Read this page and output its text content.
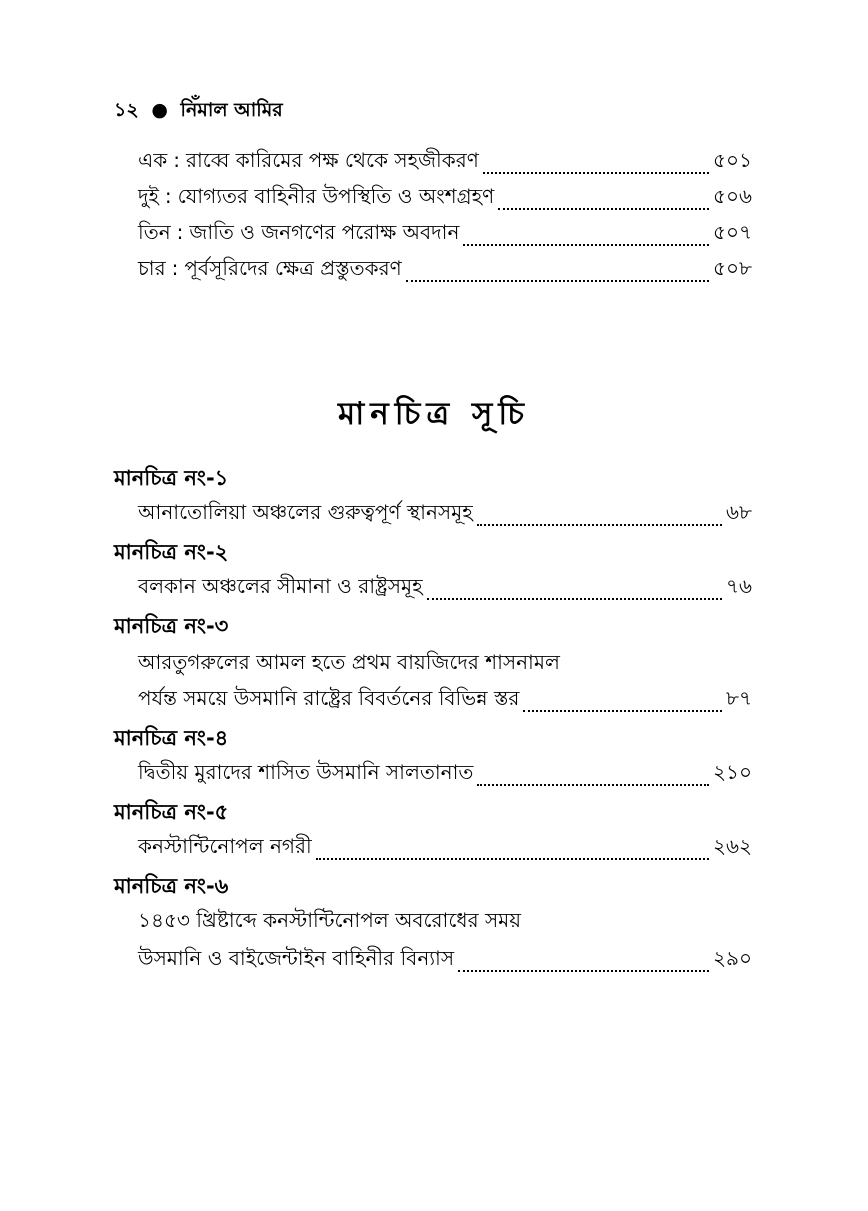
১২ ● নিঁমাল আমির
এক : রাব্বে কারিমের পক্ষ থেকে সহজীকরণ	৫০১
দুই : যোগ্যতর বাহিনীর উপস্থিতি ও অংশগ্রহণ	৫০৬
তিন : জাতি ও জনগণের পরোক্ষ অবদান	৫০৭
চার : পূর্বসূরিদের ক্ষেত্র প্রস্তুতকরণ	৫০৮
মানচিত্র সূচি
মানচিত্র নং-১
আনাতোলিয়া অঞ্চলের গুরুত্বপূর্ণ স্থানসমূহ	৬৮
মানচিত্র নং-২
বলকান অঞ্চলের সীমানা ও রাষ্ট্রসমূহ	৭৬
মানচিত্র নং-৩
আরতুগরুলের আমল হতে প্রথম বায়জিদের শাসনামল
পর্যন্ত সময়ে উসমানি রাষ্ট্রের বিবর্তনের বিভিন্ন স্তর	৮৭
মানচিত্র নং-৪
দ্বিতীয় মুরাদের শাসিত উসমানি সালতানাত	২১০
মানচিত্র নং-৫
কনস্টান্টিনোপল নগরী	২৬২
মানচিত্র নং-৬
১৪৫৩ খ্রিষ্টাব্দে কনস্টান্টিনোপল অবরোধের সময়
উসমানি ও বাইজেন্টাইন বাহিনীর বিন্যাস	২৯০
